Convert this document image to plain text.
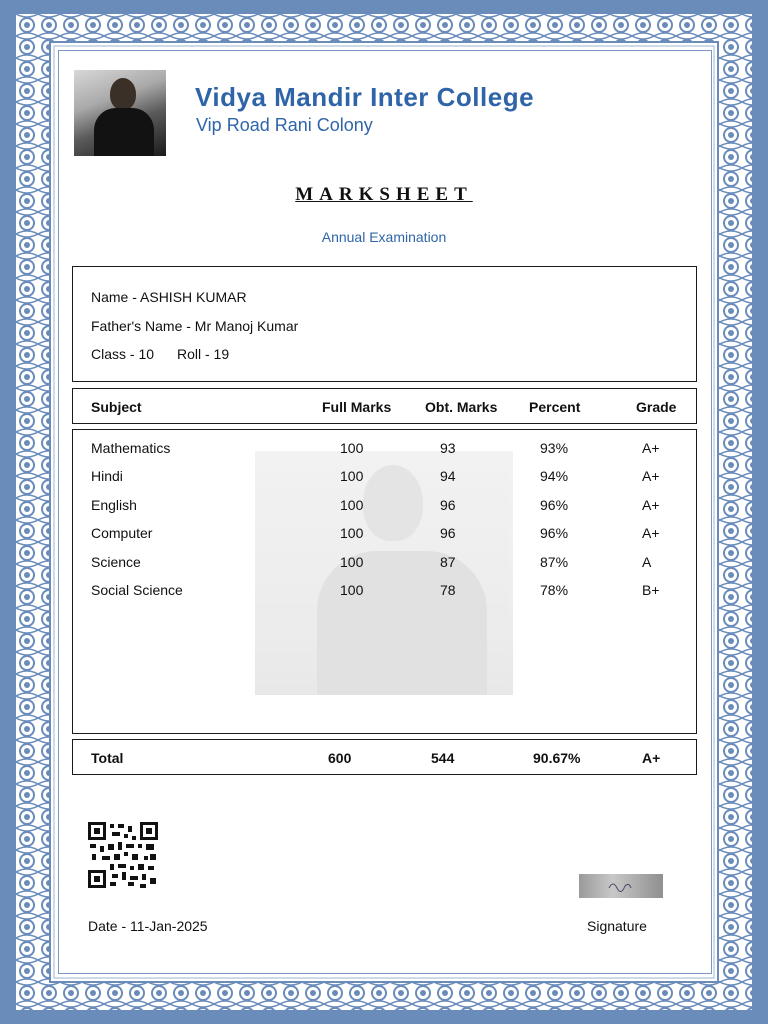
Vidya Mandir Inter College
Vip Road Rani Colony
MARKSHEET
Annual Examination
Name - ASHISH KUMAR
Father's Name - Mr Manoj Kumar
Class - 10 Roll - 19
Subject	Full Marks Obt. Marks Percent	Grade
Mathematics	100	93	93%	A+
Hindi	100	94	94%	A+
English	100	96	96%	A+
Computer	100	96	96%	A+
Science	100	87	87%	A
Social Science	100	78	78%	B+
Total	600	544	90.67%	A+
Date - 11-Jan-2025	Signature
